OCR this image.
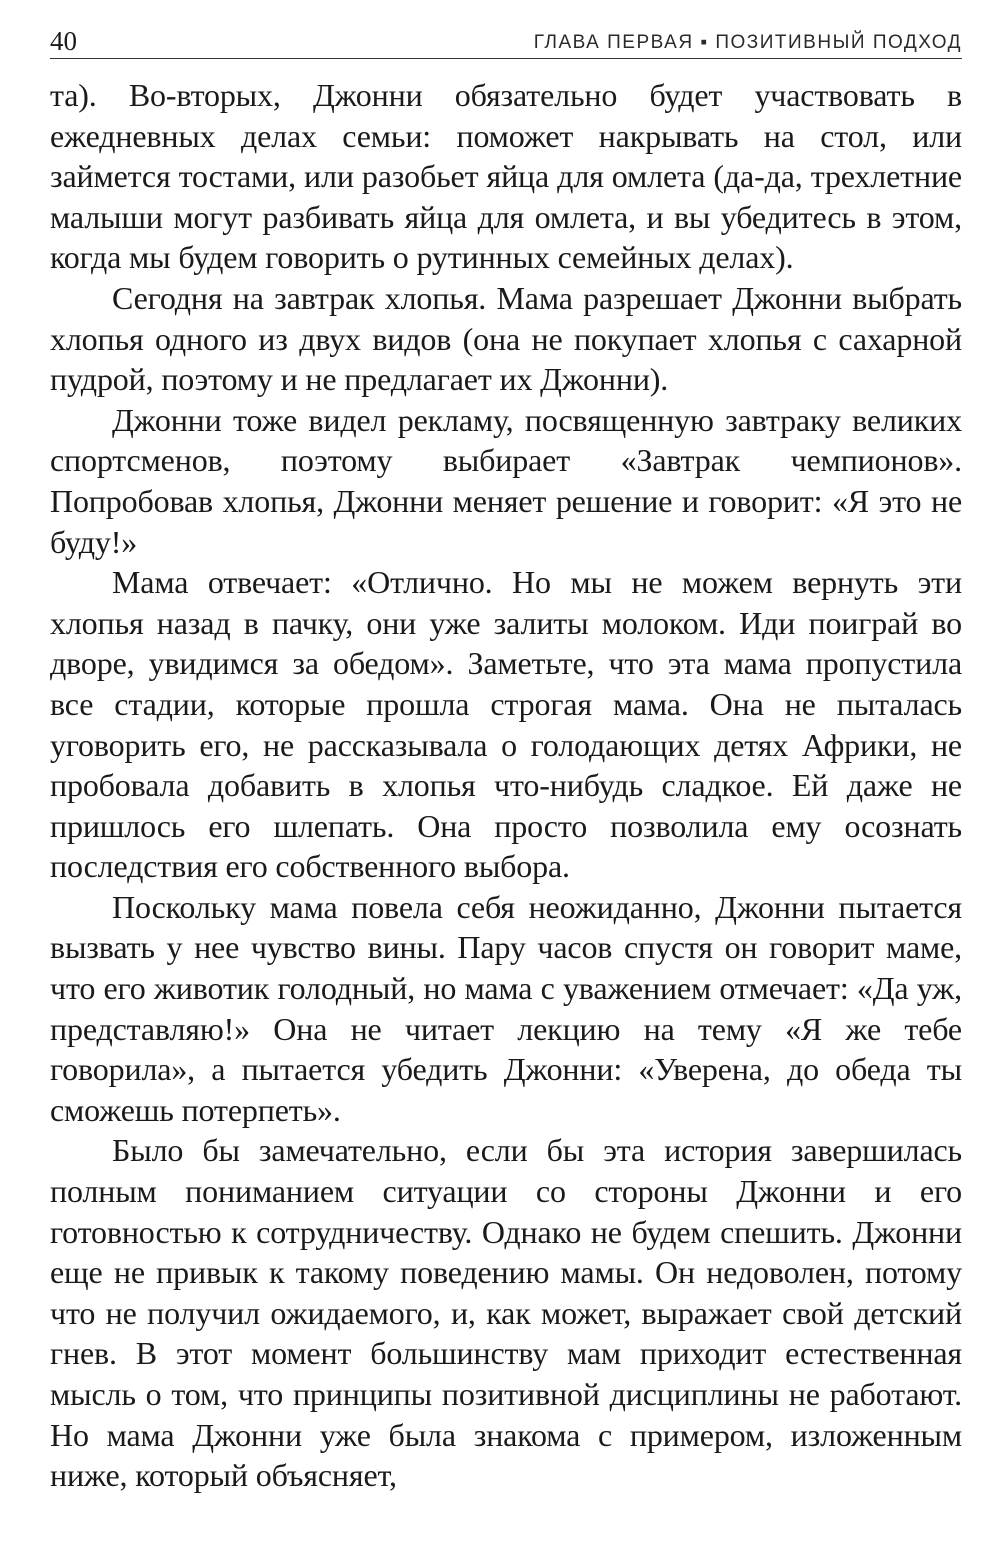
40	ГЛАВА ПЕРВАЯ ▪ ПОЗИТИВНЫЙ ПОДХОД

та). Во-вторых, Джонни обязательно будет участвовать в ежедневных делах семьи: поможет накрывать на стол, или займется тостами, или разобьет яйца для омлета (да-да, трехлетние малыши могут разбивать яйца для омлета, и вы убедитесь в этом, когда мы будем говорить о рутинных семейных делах).

Сегодня на завтрак хлопья. Мама разрешает Джонни выбрать хлопья одного из двух видов (она не покупает хлопья с сахарной пудрой, поэтому и не предлагает их Джонни).

Джонни тоже видел рекламу, посвященную завтраку великих спортсменов, поэтому выбирает «Завтрак чемпионов». Попробовав хлопья, Джонни меняет решение и говорит: «Я это не буду!»

Мама отвечает: «Отлично. Но мы не можем вернуть эти хлопья назад в пачку, они уже залиты молоком. Иди поиграй во дворе, увидимся за обедом». Заметьте, что эта мама пропустила все стадии, которые прошла строгая мама. Она не пыталась уговорить его, не рассказывала о голодающих детях Африки, не пробовала добавить в хлопья что-нибудь сладкое. Ей даже не пришлось его шлепать. Она просто позволила ему осознать последствия его собственного выбора.

Поскольку мама повела себя неожиданно, Джонни пытается вызвать у нее чувство вины. Пару часов спустя он говорит маме, что его животик голодный, но мама с уважением отмечает: «Да уж, представляю!» Она не читает лекцию на тему «Я же тебе говорила», а пытается убедить Джонни: «Уверена, до обеда ты сможешь потерпеть».

Было бы замечательно, если бы эта история завершилась полным пониманием ситуации со стороны Джонни и его готовностью к сотрудничеству. Однако не будем спешить. Джонни еще не привык к такому поведению мамы. Он недоволен, потому что не получил ожидаемого, и, как может, выражает свой детский гнев. В этот момент большинству мам приходит естественная мысль о том, что принципы позитивной дисциплины не работают. Но мама Джонни уже была знакома с примером, изложенным ниже, который объясняет,
